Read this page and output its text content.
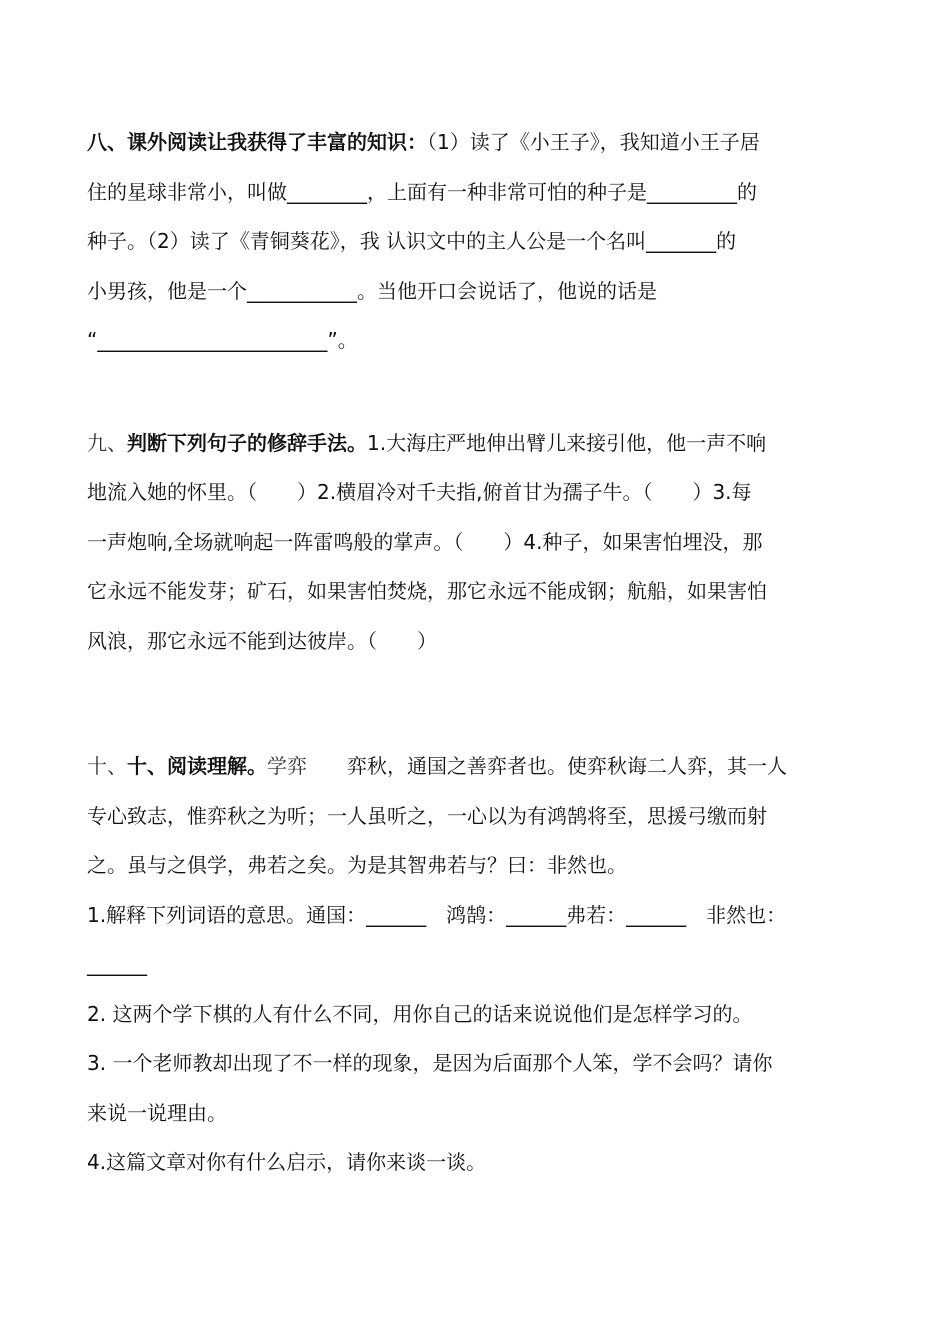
八、课外阅读让我获得了丰富的知识：（1）读了《小王子》，我知道小王子居

住的星球非常小，叫做________，上面有一种非常可怕的种子是_________的

种子。（2）读了《青铜葵花》，我 认识文中的主人公是一个名叫_______的

小男孩，他是一个___________。当他开口会说话了，他说的话是

“_______________________”。

九、判断下列句子的修辞手法。1.大海庄严地伸出臂儿来接引他，他一声不响

地流入她的怀里。（　　）2.横眉冷对千夫指,俯首甘为孺子牛。（　　）3.每

一声炮响,全场就响起一阵雷鸣般的掌声。（　　）4.种子，如果害怕埋没，那

它永远不能发芽；矿石，如果害怕焚烧，那它永远不能成钢；航船，如果害怕

风浪，那它永远不能到达彼岸。（　　）

十、十、阅读理解。学弈 弈秋，通国之善弈者也。使弈秋诲二人弈，其一人

专心致志，惟弈秋之为听；一人虽听之，一心以为有鸿鹄将至，思援弓缴而射

之。虽与之俱学，弗若之矣。为是其智弗若与？曰：非然也。

1.解释下列词语的意思。通国：______　鸿鹄：______弗若：______　非然也：

______

2. 这两个学下棋的人有什么不同，用你自己的话来说说他们是怎样学习的。

3. 一个老师教却出现了不一样的现象，是因为后面那个人笨，学不会吗？请你

来说一说理由。

4.这篇文章对你有什么启示，请你来谈一谈。
